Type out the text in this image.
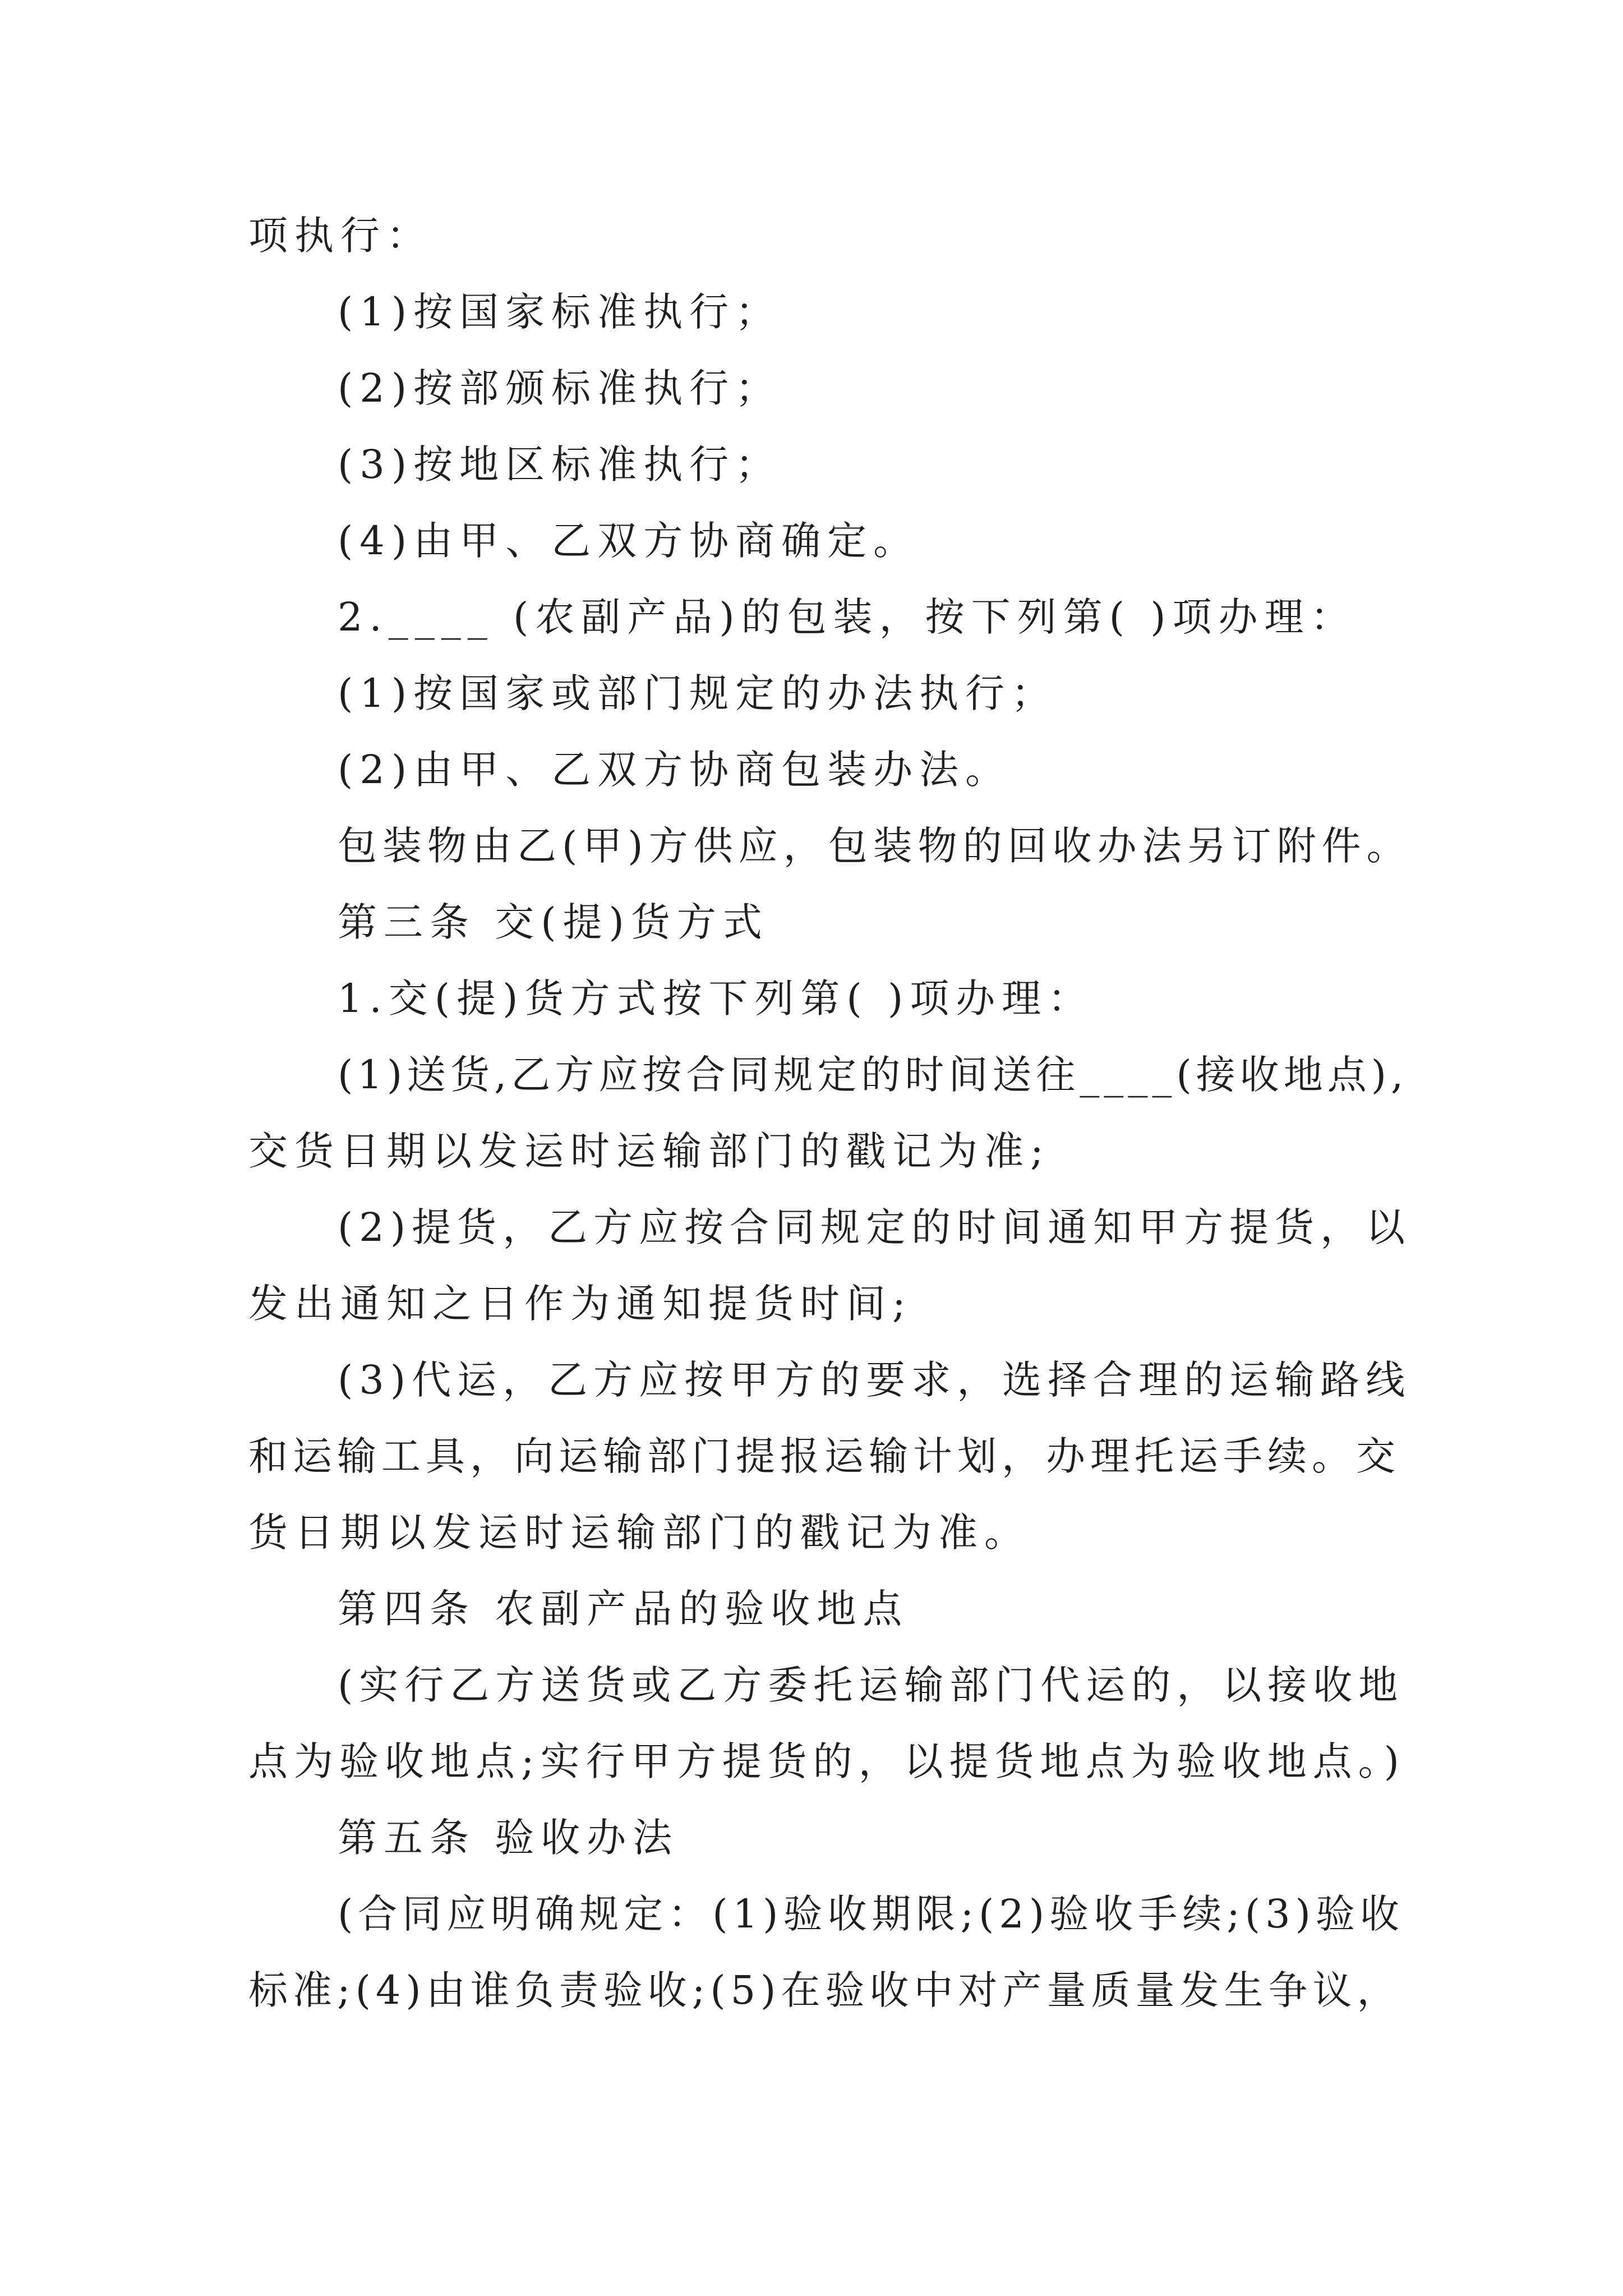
项执行：

(1)按国家标准执行；

(2)按部颁标准执行；

(3)按地区标准执行；

(4)由甲、乙双方协商确定。

2.____ (农副产品)的包装，按下列第( )项办理：

(1)按国家或部门规定的办法执行；

(2)由甲、乙双方协商包装办法。

包装物由乙(甲)方供应，包装物的回收办法另订附件。

第三条 交(提)货方式

1.交(提)货方式按下列第( )项办理：

(1)送货,乙方应按合同规定的时间送往____(接收地点),

交货日期以发运时运输部门的戳记为准;

(2)提货，乙方应按合同规定的时间通知甲方提货，以

发出通知之日作为通知提货时间;

(3)代运，乙方应按甲方的要求，选择合理的运输路线

和运输工具，向运输部门提报运输计划，办理托运手续。交

货日期以发运时运输部门的戳记为准。

第四条 农副产品的验收地点

(实行乙方送货或乙方委托运输部门代运的，以接收地

点为验收地点;实行甲方提货的，以提货地点为验收地点。)

第五条 验收办法

(合同应明确规定：(1)验收期限;(2)验收手续;(3)验收

标准;(4)由谁负责验收;(5)在验收中对产量质量发生争议，
